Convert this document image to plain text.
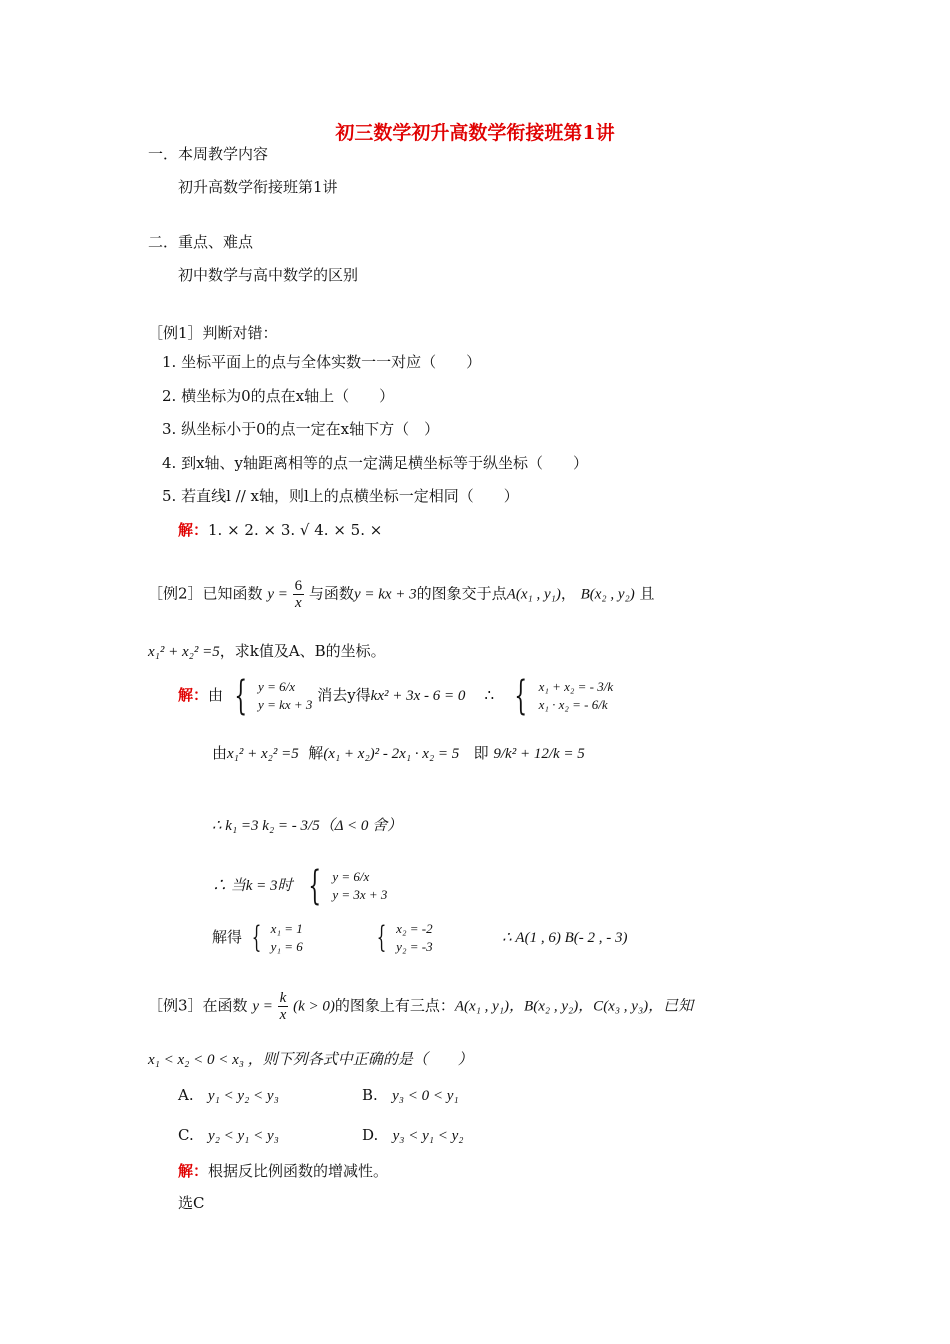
初三数学初升高数学衔接班第1讲
一．本周教学内容
初升高数学衔接班第1讲
二．重点、难点
初中数学与高中数学的区别
［例1］判断对错：
1. 坐标平面上的点与全体实数一一对应（　　）
2. 横坐标为0的点在x轴上（　　）
3. 纵坐标小于0的点一定在x轴下方（　）
4. 到x轴、y轴距离相等的点一定满足横坐标等于纵坐标（　　）
5. 若直线l // x轴，则l上的点横坐标一定相同（　　）
解：1. × 2. × 3. √ 4. × 5. ×
［例2］已知函数 $y = \frac{6}{x}$ 与函数y = kx + 3的图象交于点A(x₁ , y₁)， B(x₂ , y₂) 且
x₁² + x₂² =5，求k值及A、B的坐标。
解：由 { y = 6/x
y = kx + 3
消去y得kx² + 3x - 6 = 0 ∴ { x₁ + x₂ = - 3/k
x₁ · x₂ = - 6/k
由x₁² + x₂² =5 解(x₁ + x₂)² - 2x₁ · x₂ = 5 即 9/k² + 12/k = 5
∴ k₁ =3 k₂ = - 3/5（Δ < 0 舍）
∴ 当k = 3时 { y = 6/x
y = 3x + 3
解得 { x₁ = 1
y₁ = 6 { x₂ = -2
y₂ = -3
∴ A(1 , 6) B(- 2 , - 3)
［例3］在函数 $y = \frac{k}{x} (k > 0)$的图象上有三点：A(x₁ , y₁)，B(x₂ , y₂)，C(x₃ , y₃)，已知
x₁ < x₂ < 0 < x₃ ，则下列各式中正确的是（　　）
A. y₁ < y₂ < y₃	B. y₃ < 0 < y₁
C. y₂ < y₁ < y₃	D. y₃ < y₁ < y₂
解：根据反比例函数的增减性。
选C
